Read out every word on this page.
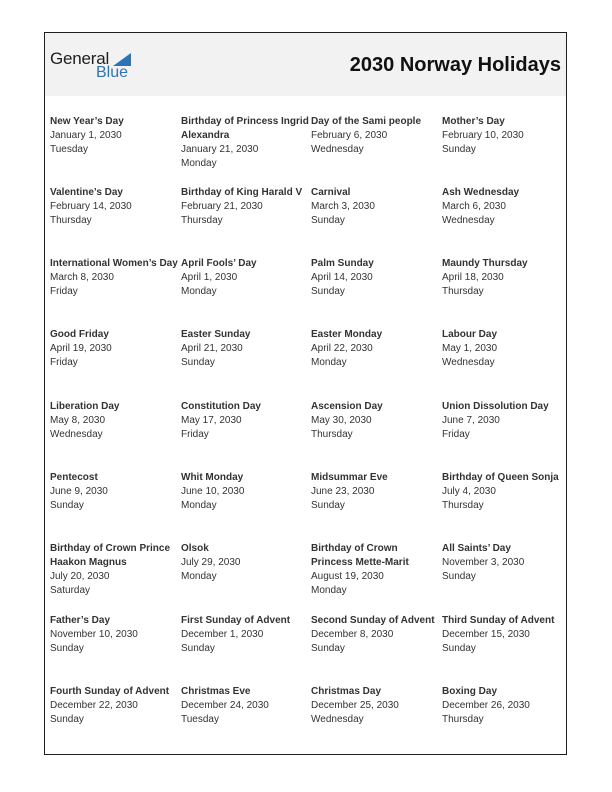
General
Blue	2030 Norway Holidays
New Year’s Day
January 1, 2030
Tuesday
Birthday of Princess Ingrid Alexandra
January 21, 2030
Monday
Day of the Sami people
February 6, 2030
Wednesday
Mother’s Day
February 10, 2030
Sunday
Valentine’s Day
February 14, 2030
Thursday
Birthday of King Harald V
February 21, 2030
Thursday
Carnival
March 3, 2030
Sunday
Ash Wednesday
March 6, 2030
Wednesday
International Women’s Day
March 8, 2030
Friday
April Fools’ Day
April 1, 2030
Monday
Palm Sunday
April 14, 2030
Sunday
Maundy Thursday
April 18, 2030
Thursday
Good Friday
April 19, 2030
Friday
Easter Sunday
April 21, 2030
Sunday
Easter Monday
April 22, 2030
Monday
Labour Day
May 1, 2030
Wednesday
Liberation Day
May 8, 2030
Wednesday
Constitution Day
May 17, 2030
Friday
Ascension Day
May 30, 2030
Thursday
Union Dissolution Day
June 7, 2030
Friday
Pentecost
June 9, 2030
Sunday
Whit Monday
June 10, 2030
Monday
Midsummar Eve
June 23, 2030
Sunday
Birthday of Queen Sonja
July 4, 2030
Thursday
Birthday of Crown Prince Haakon Magnus
July 20, 2030
Saturday
Olsok
July 29, 2030
Monday
Birthday of Crown Princess Mette-Marit
August 19, 2030
Monday
All Saints’ Day
November 3, 2030
Sunday
Father’s Day
November 10, 2030
Sunday
First Sunday of Advent
December 1, 2030
Sunday
Second Sunday of Advent
December 8, 2030
Sunday
Third Sunday of Advent
December 15, 2030
Sunday
Fourth Sunday of Advent
December 22, 2030
Sunday
Christmas Eve
December 24, 2030
Tuesday
Christmas Day
December 25, 2030
Wednesday
Boxing Day
December 26, 2030
Thursday
